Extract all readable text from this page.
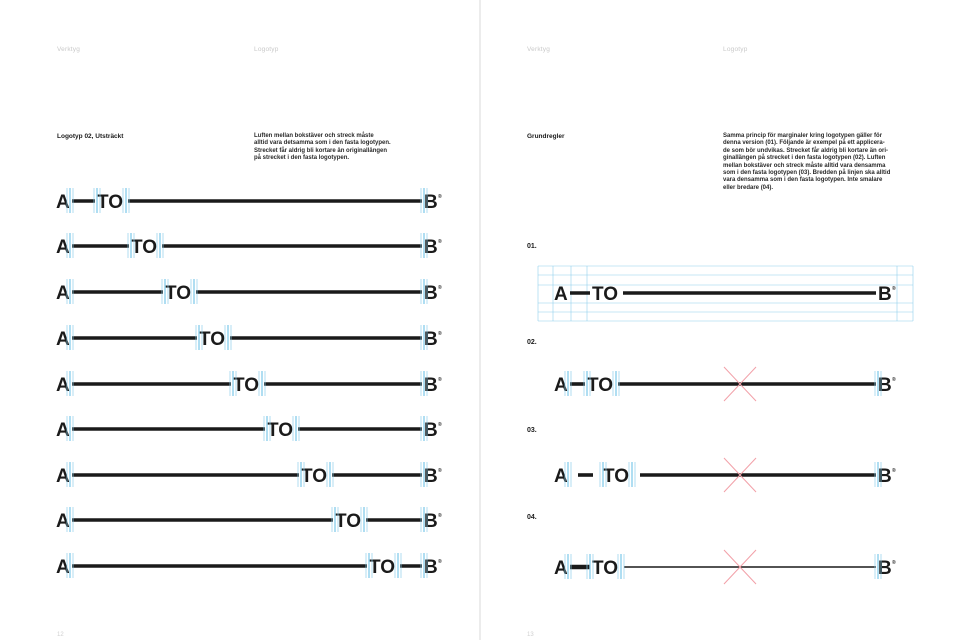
Verktyg	Logotyp
Logotyp 02, Utsträckt	Luften mellan bokstäver och streck måste
alltid vara detsamma som i den fasta logotypen.
Strecket får aldrig bli kortare än originallängen
på strecket i den fasta logotypen.
12
A TO	B ®
A	TO	B ®
A	TO	B ®
A	TO	B ®
A	TO	B ®
A	TO	B ®
A	TO	B ®
A	TO	B ®
A	TO B ®
Verktyg	Logotyp
Grundregler	Samma princip för marginaler kring logotypen gäller för
denna version (01). Följande är exempel på ett applicera-
de som bör undvikas. Strecket får aldrig bli kortare än ori-
ginallängen på strecket i den fasta logotypen (02). Luften
mellan bokstäver och streck måste alltid vara densamma
som i den fasta logotypen (03). Bredden på linjen ska alltid
vara densamma som i den fasta logotypen. Inte smalare
eller bredare (04).
01.
02.
03.
04.
13
A TO	B ®
A TO	B ®
A TO	B ®
A TO	B ®
